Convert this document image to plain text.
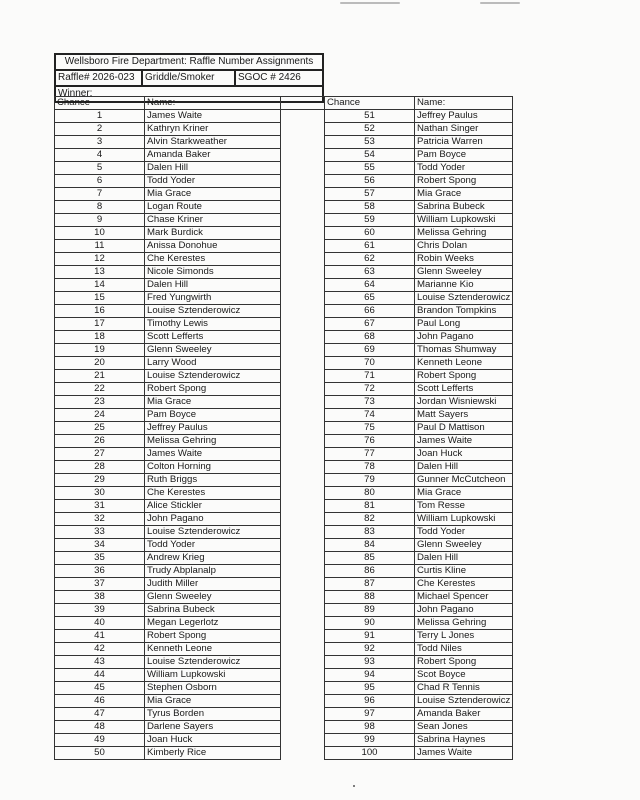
Wellsboro Fire Department: Raffle Number Assignments
Raffle# 2026-023	Griddle/Smoker	SGOC # 2426
Winner:
Chance	Name:
1	James Waite
2	Kathryn Kriner
3	Alvin Starkweather
4	Amanda Baker
5	Dalen Hill
6	Todd Yoder
7	Mia Grace
8	Logan Route
9	Chase Kriner
10	Mark Burdick
11	Anissa Donohue
12	Che Kerestes
13	Nicole Simonds
14	Dalen Hill
15	Fred Yungwirth
16	Louise Sztenderowicz
17	Timothy Lewis
18	Scott Lefferts
19	Glenn Sweeley
20	Larry Wood
21	Louise Sztenderowicz
22	Robert Spong
23	Mia Grace
24	Pam Boyce
25	Jeffrey Paulus
26	Melissa Gehring
27	James Waite
28	Colton Horning
29	Ruth Briggs
30	Che Kerestes
31	Alice Stickler
32	John Pagano
33	Louise Sztenderowicz
34	Todd Yoder
35	Andrew Krieg
36	Trudy Abplanalp
37	Judith Miller
38	Glenn Sweeley
39	Sabrina Bubeck
40	Megan Legerlotz
41	Robert Spong
42	Kenneth Leone
43	Louise Sztenderowicz
44	William Lupkowski
45	Stephen Osborn
46	Mia Grace
47	Tyrus Borden
48	Darlene Sayers
49	Joan Huck
50	Kimberly Rice
Chance	Name:
51	Jeffrey Paulus
52	Nathan Singer
53	Patricia Warren
54	Pam Boyce
55	Todd Yoder
56	Robert Spong
57	Mia Grace
58	Sabrina Bubeck
59	William Lupkowski
60	Melissa Gehring
61	Chris Dolan
62	Robin Weeks
63	Glenn Sweeley
64	Marianne Kio
65	Louise Sztenderowicz
66	Brandon Tompkins
67	Paul Long
68	John Pagano
69	Thomas Shumway
70	Kenneth Leone
71	Robert Spong
72	Scott Lefferts
73	Jordan Wisniewski
74	Matt Sayers
75	Paul D Mattison
76	James Waite
77	Joan Huck
78	Dalen Hill
79	Gunner McCutcheon
80	Mia Grace
81	Tom Resse
82	William Lupkowski
83	Todd Yoder
84	Glenn Sweeley
85	Dalen Hill
86	Curtis Kline
87	Che Kerestes
88	Michael Spencer
89	John Pagano
90	Melissa Gehring
91	Terry L Jones
92	Todd Niles
93	Robert Spong
94	Scot Boyce
95	Chad R Tennis
96	Louise Sztenderowicz
97	Amanda Baker
98	Sean Jones
99	Sabrina Haynes
100	James Waite
